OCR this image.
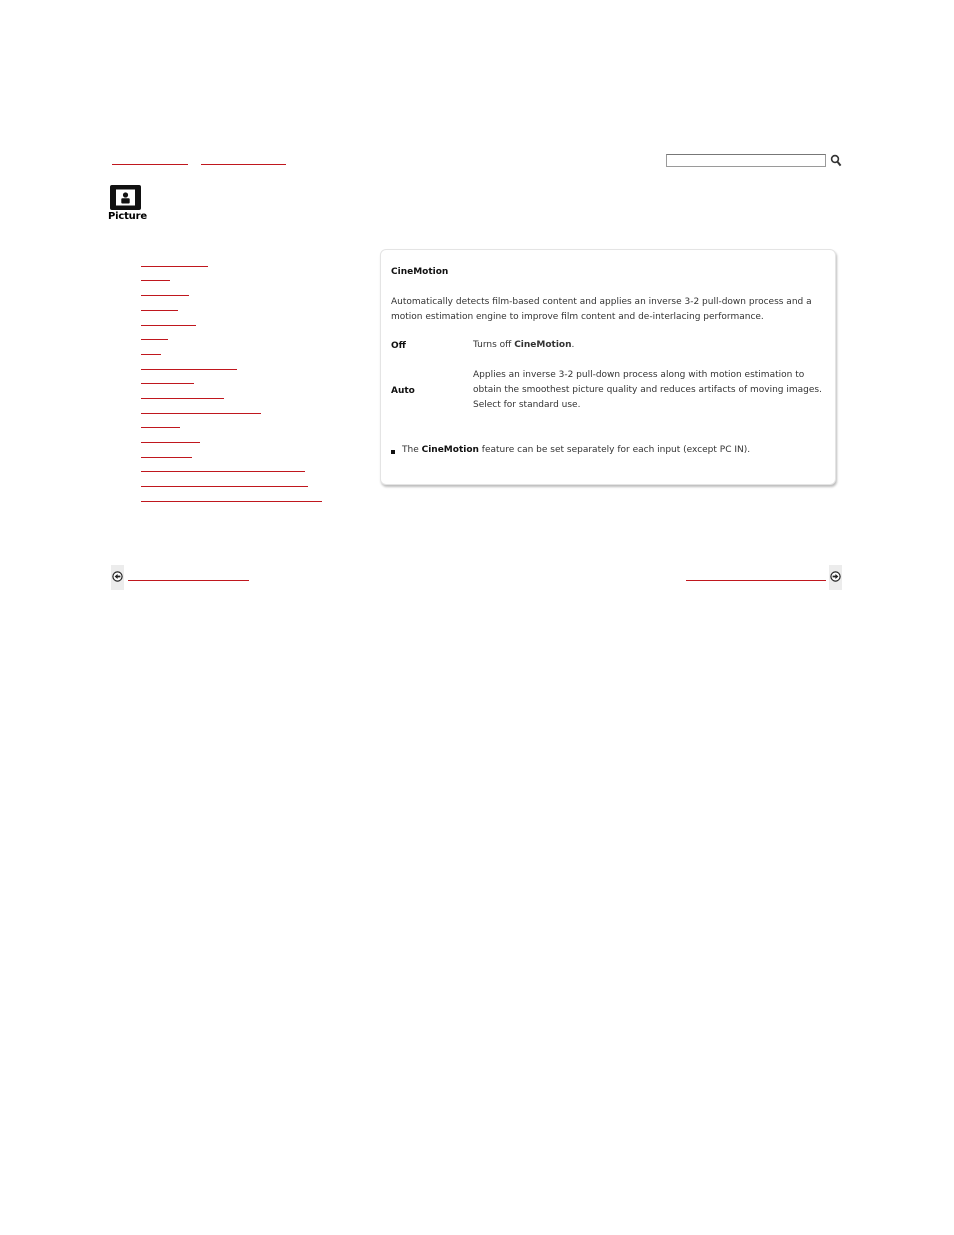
Picture
CineMotion
Automatically detects film-based content and applies an inverse 3-2 pull-down process and a motion estimation engine to improve film content and de-interlacing performance.
Off	Turns off CineMotion.
Auto
Applies an inverse 3-2 pull-down process along with motion estimation to obtain the smoothest picture quality and reduces artifacts of moving images. Select for standard use.
The CineMotion feature can be set separately for each input (except PC IN).
